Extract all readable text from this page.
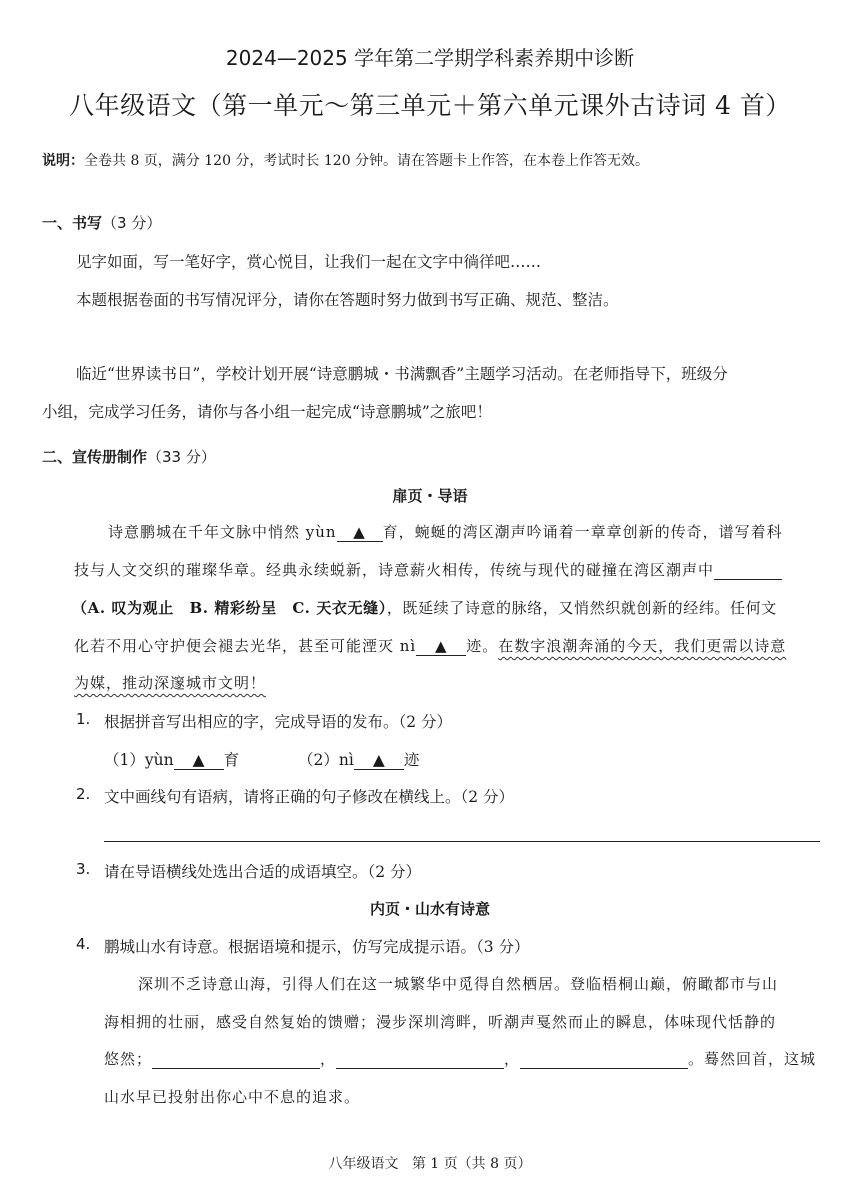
2024—2025 学年第二学期学科素养期中诊断
八年级语文（第一单元～第三单元＋第六单元课外古诗词 4 首）
说明：全卷共 8 页，满分 120 分，考试时长 120 分钟。请在答题卡上作答，在本卷上作答无效。
一、书写（3 分）
见字如面，写一笔好字，赏心悦目，让我们一起在文字中徜徉吧……
本题根据卷面的书写情况评分，请你在答题时努力做到书写正确、规范、整洁。
临近“世界读书日”，学校计划开展“诗意鹏城・书满飘香”主题学习活动。在老师指导下，班级分
小组，完成学习任务，请你与各小组一起完成“诗意鹏城”之旅吧！
二、宣传册制作（33 分）
扉页・导语
诗意鹏城在千年文脉中悄然 yùn ▲ 育，蜿蜒的湾区潮声吟诵着一章章创新的传奇，谱写着科
技与人文交织的璀璨华章。经典永续蜕新，诗意薪火相传，传统与现代的碰撞在湾区潮声中
（A. 叹为观止　B. 精彩纷呈　C. 天衣无缝），既延续了诗意的脉络，又悄然织就创新的经纬。任何文
化若不用心守护便会褪去光华，甚至可能湮灭 nì ▲ 迹。在数字浪潮奔涌的今天，我们更需以诗意
为媒，推动深邃城市文明！
1. 根据拼音写出相应的字，完成导语的发布。（2 分）
（1）yùn ▲ 育	（2）nì ▲ 迹
2. 文中画线句有语病，请将正确的句子修改在横线上。（2 分）
3. 请在导语横线处选出合适的成语填空。（2 分）
内页・山水有诗意
4. 鹏城山水有诗意。根据语境和提示，仿写完成提示语。（3 分）
深圳不乏诗意山海，引得人们在这一城繁华中觅得自然栖居。登临梧桐山巅，俯瞰都市与山
海相拥的壮丽，感受自然复始的馈赠；漫步深圳湾畔，听潮声戛然而止的瞬息，体味现代恬静的
悠然；	，	，	。蓦然回首，这城
山水早已投射出你心中不息的追求。
八年级语文 第 1 页（共 8 页）
